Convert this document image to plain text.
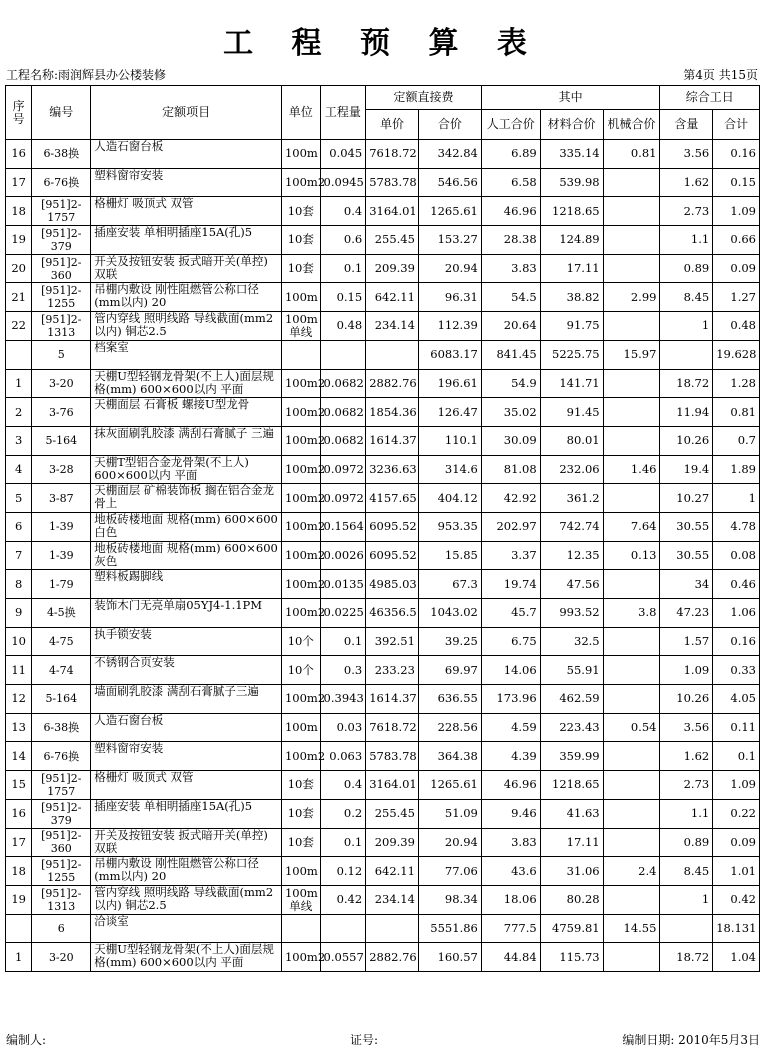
工 程 预 算 表
工程名称:雨润辉县办公楼装修	第4页 共15页
序号	编号	定额项目	单位	工程量	定额直接费		其中			综合工日	
					单价	合价	人工合价	材料合价	机械合价	含量	合计

16	6-38换	人造石窗台板	100m	0.045	7618.72	342.84	6.89	335.14	0.81	3.56	0.16

17	6-76换	塑料窗帘安装	100m2	0.0945	5783.78	546.56	6.58	539.98		1.62	0.15

18	[951]2-1757	格栅灯 吸顶式 双管	10套	0.4	3164.01	1265.61	46.96	1218.65		2.73	1.09

19	[951]2-379	插座安装 单相明插座15A(孔)5	10套	0.6	255.45	153.27	28.38	124.89		1.1	0.66

20	[951]2-360	开关及按钮安装 扳式暗开关(单控) 双联	10套	0.1	209.39	20.94	3.83	17.11		0.89	0.09

21	[951]2-1255	吊棚内敷设 刚性阻燃管公称口径(mm以内) 20	100m	0.15	642.11	96.31	54.5	38.82	2.99	8.45	1.27

22	[951]2-1313	管内穿线 照明线路 导线截面(mm2以内) 铜芯2.5	100m单线	0.48	234.14	112.39	20.64	91.75		1	0.48

	5	档案室				6083.17	841.45	5225.75	15.97		19.628

1	3-20	天棚U型轻钢龙骨架(不上人)面层规格(mm) 600×600以内 平面	100m2	0.0682	2882.76	196.61	54.9	141.71		18.72	1.28

2	3-76	天棚面层 石膏板 螺接U型龙骨	100m2	0.0682	1854.36	126.47	35.02	91.45		11.94	0.81

3	5-164	抹灰面刷乳胶漆 满刮石膏腻子 三遍	100m2	0.0682	1614.37	110.1	30.09	80.01		10.26	0.7

4	3-28	天棚T型铝合金龙骨架(不上人) 600×600以内 平面	100m2	0.0972	3236.63	314.6	81.08	232.06	1.46	19.4	1.89

5	3-87	天棚面层 矿棉装饰板 搁在铝合金龙骨上	100m2	0.0972	4157.65	404.12	42.92	361.2		10.27	1

6	1-39	地板砖楼地面 规格(mm) 600×600 白色	100m2	0.1564	6095.52	953.35	202.97	742.74	7.64	30.55	4.78

7	1-39	地板砖楼地面 规格(mm) 600×600 灰色	100m2	0.0026	6095.52	15.85	3.37	12.35	0.13	30.55	0.08

8	1-79	塑料板踢脚线	100m2	0.0135	4985.03	67.3	19.74	47.56		34	0.46

9	4-5换	装饰木门无亮单扇05YJ4-1.1PM	100m2	0.0225	46356.5	1043.02	45.7	993.52	3.8	47.23	1.06

10	4-75	执手锁安装	10个	0.1	392.51	39.25	6.75	32.5		1.57	0.16

11	4-74	不锈钢合页安装	10个	0.3	233.23	69.97	14.06	55.91		1.09	0.33

12	5-164	墙面刷乳胶漆 满刮石膏腻子三遍	100m2	0.3943	1614.37	636.55	173.96	462.59		10.26	4.05

13	6-38换	人造石窗台板	100m	0.03	7618.72	228.56	4.59	223.43	0.54	3.56	0.11

14	6-76换	塑料窗帘安装	100m2	0.063	5783.78	364.38	4.39	359.99		1.62	0.1

15	[951]2-1757	格栅灯 吸顶式 双管	10套	0.4	3164.01	1265.61	46.96	1218.65		2.73	1.09

16	[951]2-379	插座安装 单相明插座15A(孔)5	10套	0.2	255.45	51.09	9.46	41.63		1.1	0.22

17	[951]2-360	开关及按钮安装 扳式暗开关(单控) 双联	10套	0.1	209.39	20.94	3.83	17.11		0.89	0.09

18	[951]2-1255	吊棚内敷设 刚性阻燃管公称口径(mm以内) 20	100m	0.12	642.11	77.06	43.6	31.06	2.4	8.45	1.01

19	[951]2-1313	管内穿线 照明线路 导线截面(mm2以内) 铜芯2.5	100m单线	0.42	234.14	98.34	18.06	80.28		1	0.42

	6	洽谈室				5551.86	777.5	4759.81	14.55		18.131

1	3-20	天棚U型轻钢龙骨架(不上人)面层规格(mm) 600×600以内 平面	100m2	0.0557	2882.76	160.57	44.84	115.73		18.72	1.04
编制人:	证号:	编制日期: 2010年5月3日
